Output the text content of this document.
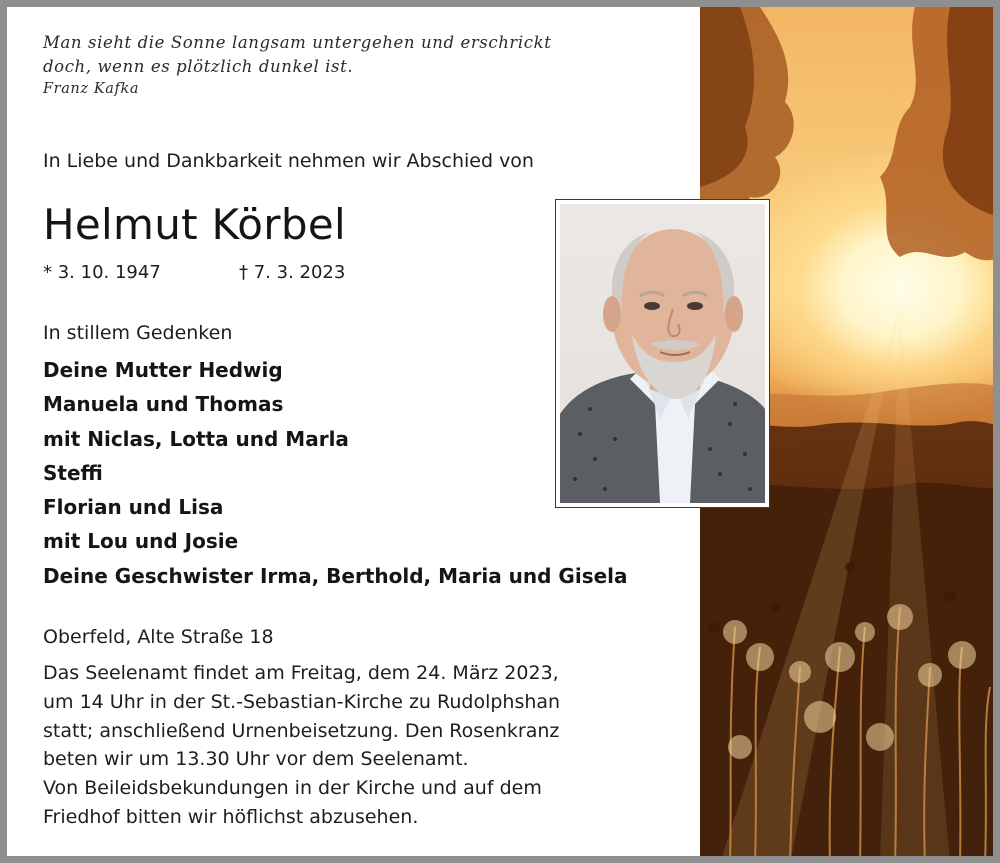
Man sieht die Sonne langsam untergehen und erschrickt
doch, wenn es plötzlich dunkel ist.
Franz Kafka
In Liebe und Dankbarkeit nehmen wir Abschied von
Helmut Körbel
* 3. 10. 1947	† 7. 3. 2023
In stillem Gedenken
Deine Mutter Hedwig
Manuela und Thomas
mit Niclas, Lotta und Marla
Steffi
Florian und Lisa
mit Lou und Josie
Deine Geschwister Irma, Berthold, Maria und Gisela
Oberfeld, Alte Straße 18
Das Seelenamt findet am Freitag, dem 24. März 2023,
um 14 Uhr in der St.-Sebastian-Kirche zu Rudolphshan
statt; anschließend Urnenbeisetzung. Den Rosenkranz
beten wir um 13.30 Uhr vor dem Seelenamt.
Von Beileidsbekundungen in der Kirche und auf dem
Friedhof bitten wir höflichst abzusehen.
